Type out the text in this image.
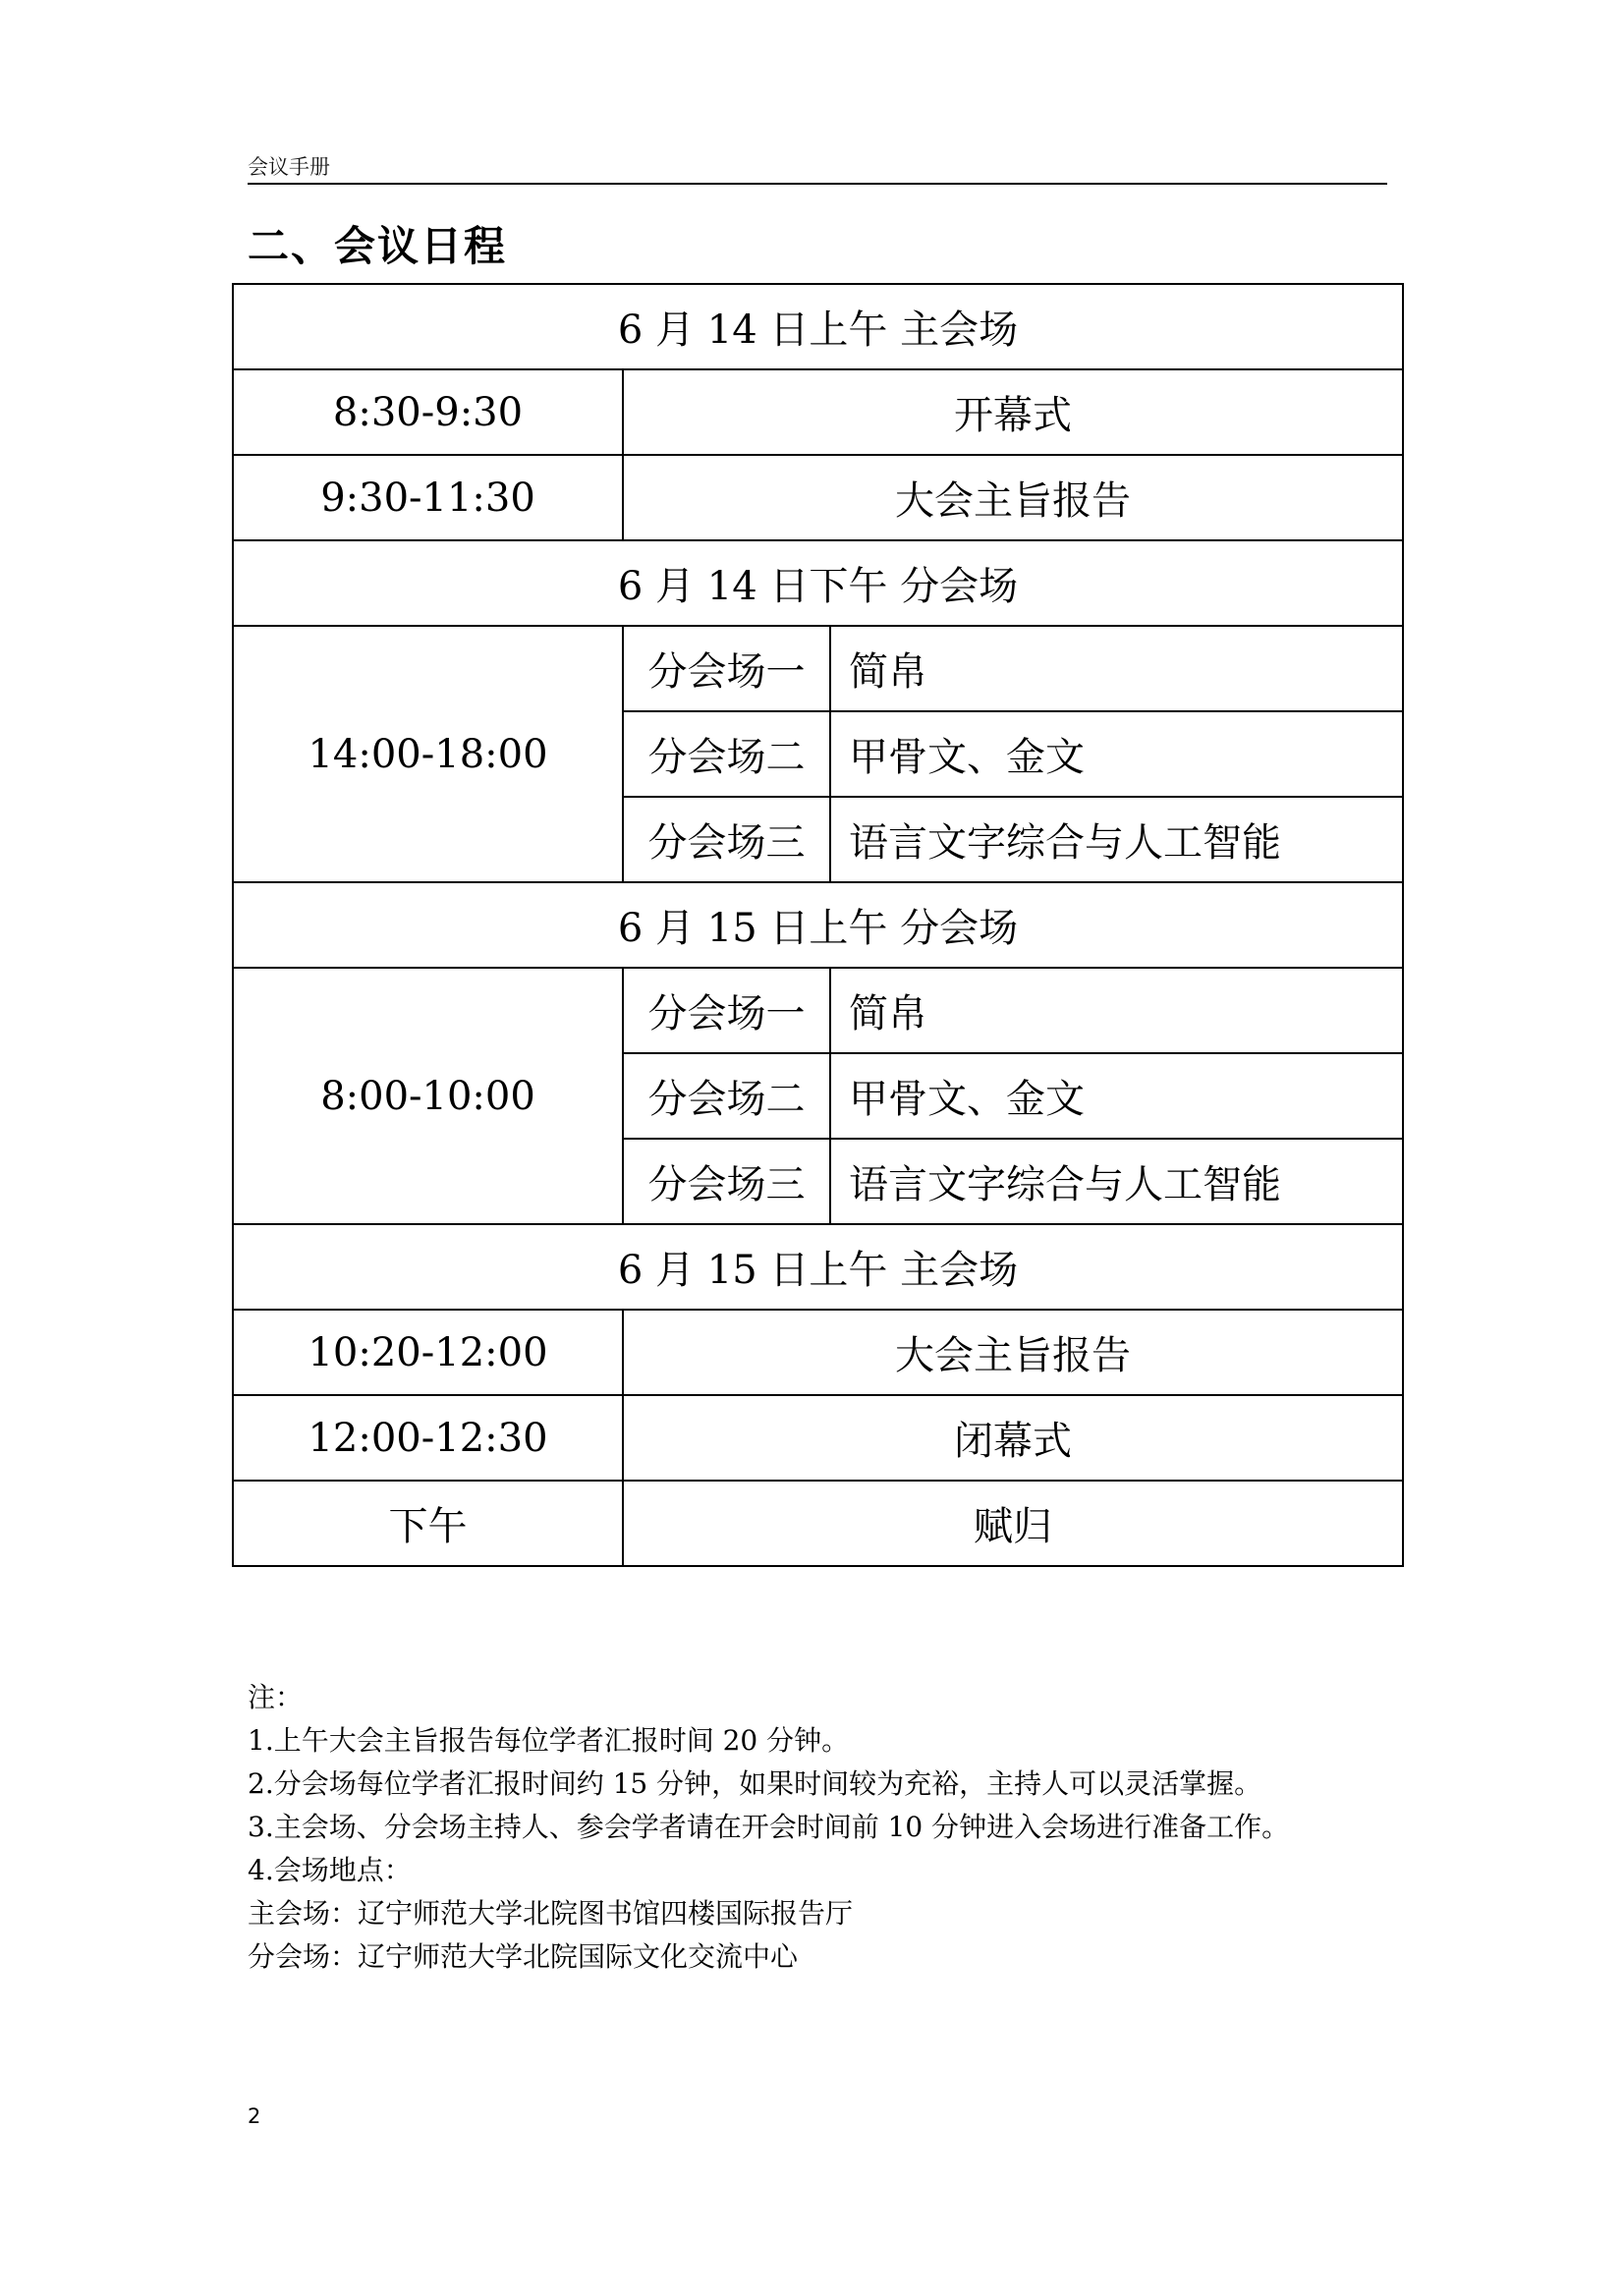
会议手册
二、会议日程
6 月 14 日上午 主会场		
8:30-9:30	开幕式	
9:30-11:30	大会主旨报告	
6 月 14 日下午 分会场		
14:00-18:00	分会场一	简帛
	分会场二	甲骨文、金文
	分会场三	语言文字综合与人工智能
6 月 15 日上午 分会场		
8:00-10:00	分会场一	简帛
	分会场二	甲骨文、金文
	分会场三	语言文字综合与人工智能
6 月 15 日上午 主会场		
10:20-12:00	大会主旨报告	
12:00-12:30	闭幕式	
下午	赋归	
注：
1.上午大会主旨报告每位学者汇报时间 20 分钟。
2.分会场每位学者汇报时间约 15 分钟，如果时间较为充裕，主持人可以灵活掌握。
3.主会场、分会场主持人、参会学者请在开会时间前 10 分钟进入会场进行准备工作。
4.会场地点：
主会场：辽宁师范大学北院图书馆四楼国际报告厅
分会场：辽宁师范大学北院国际文化交流中心
2
